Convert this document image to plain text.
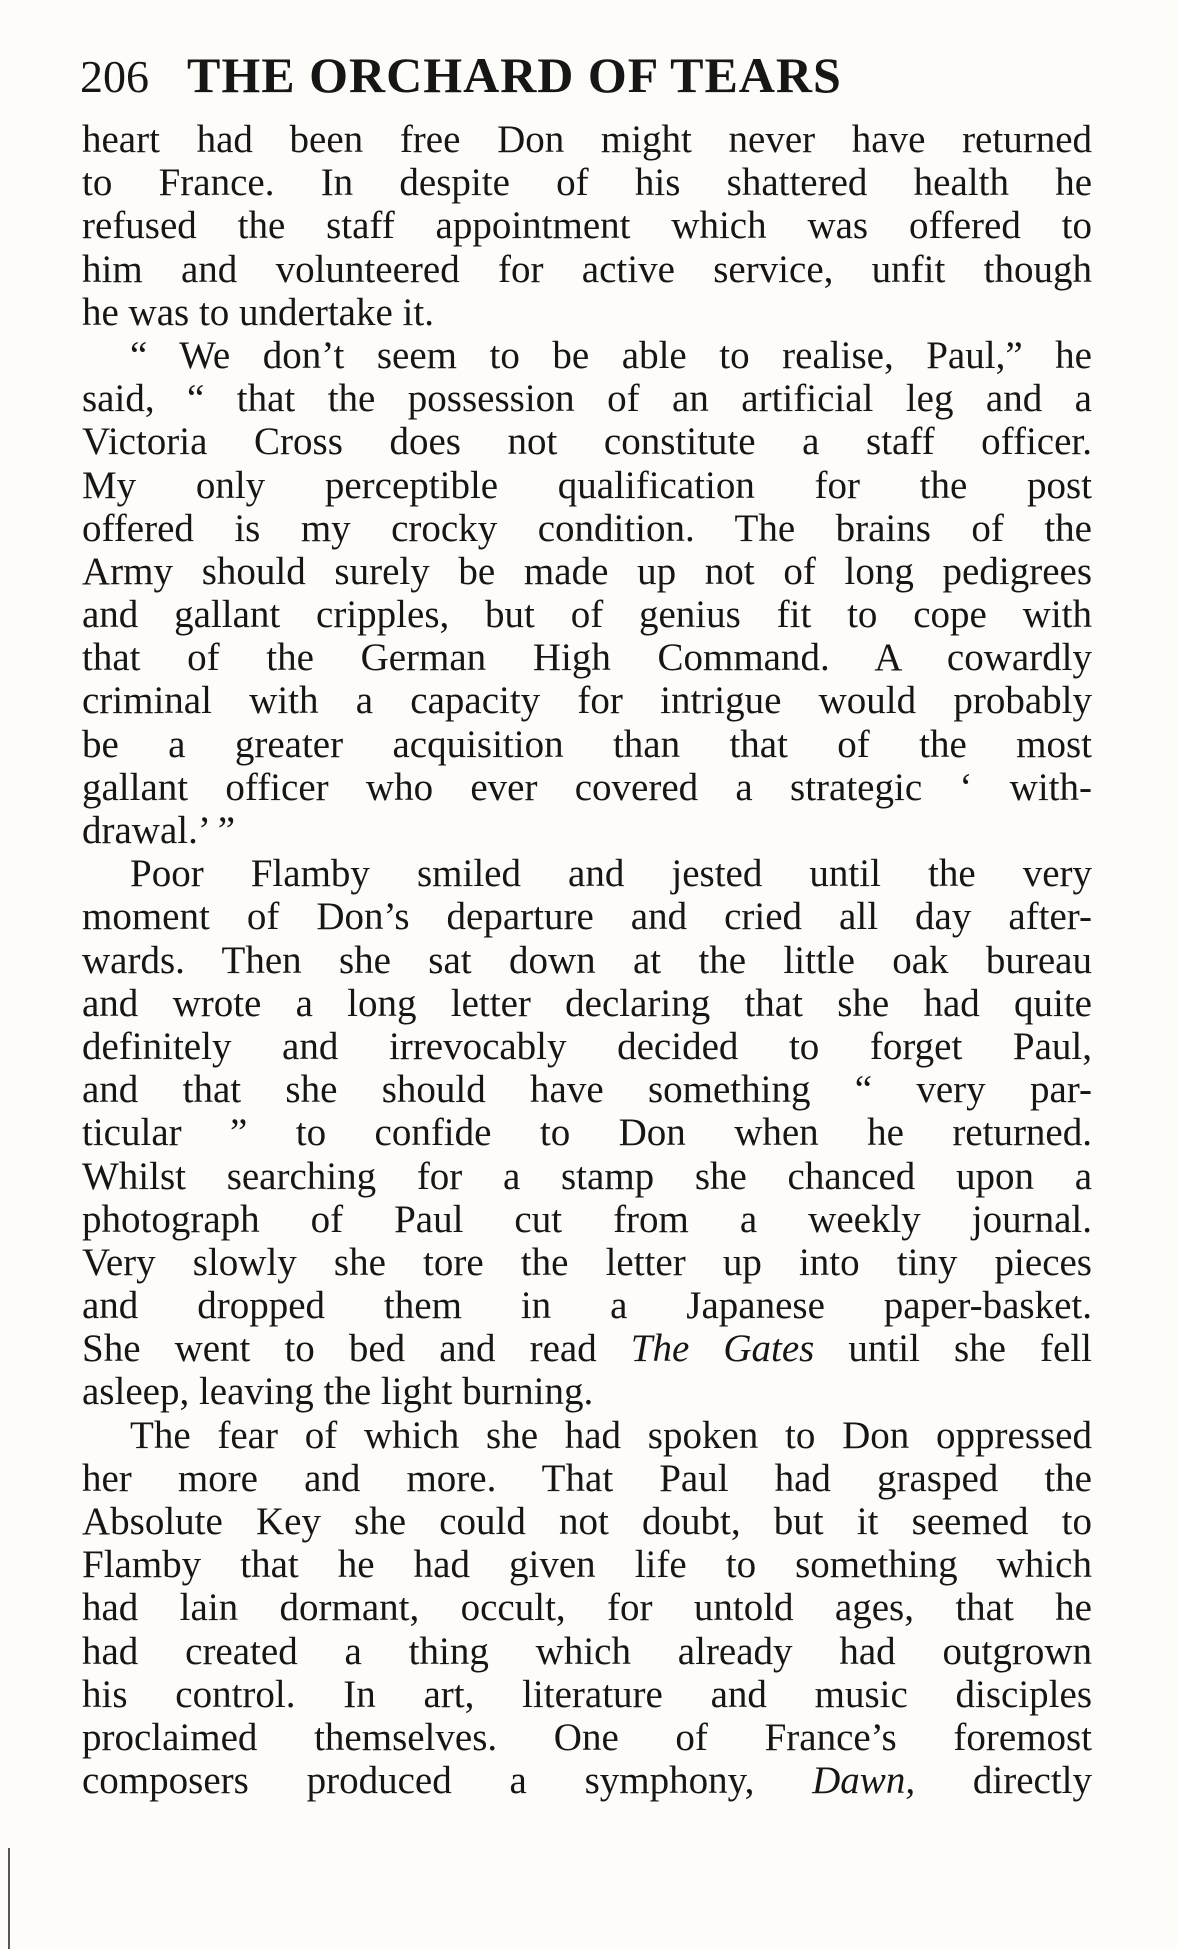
206 THE ORCHARD OF TEARS
heart had been free Don might never have returned
to France. In despite of his shattered health he
refused the staff appointment which was offered to
him and volunteered for active service, unfit though
he was to undertake it.
“ We don’t seem to be able to realise, Paul,” he
said, “ that the possession of an artificial leg and a
Victoria Cross does not constitute a staff officer.
My only perceptible qualification for the post
offered is my crocky condition. The brains of the
Army should surely be made up not of long pedigrees
and gallant cripples, but of genius fit to cope with
that of the German High Command. A cowardly
criminal with a capacity for intrigue would probably
be a greater acquisition than that of the most
gallant officer who ever covered a strategic ‘ with-
drawal.’ ”
Poor Flamby smiled and jested until the very
moment of Don’s departure and cried all day after-
wards. Then she sat down at the little oak bureau
and wrote a long letter declaring that she had quite
definitely and irrevocably decided to forget Paul,
and that she should have something “ very par-
ticular ” to confide to Don when he returned.
Whilst searching for a stamp she chanced upon a
photograph of Paul cut from a weekly journal.
Very slowly she tore the letter up into tiny pieces
and dropped them in a Japanese paper-basket.
She went to bed and read The Gates until she fell
asleep, leaving the light burning.
The fear of which she had spoken to Don oppressed
her more and more. That Paul had grasped the
Absolute Key she could not doubt, but it seemed to
Flamby that he had given life to something which
had lain dormant, occult, for untold ages, that he
had created a thing which already had outgrown
his control. In art, literature and music disciples
proclaimed themselves. One of France’s foremost
composers produced a symphony, Dawn, directly
